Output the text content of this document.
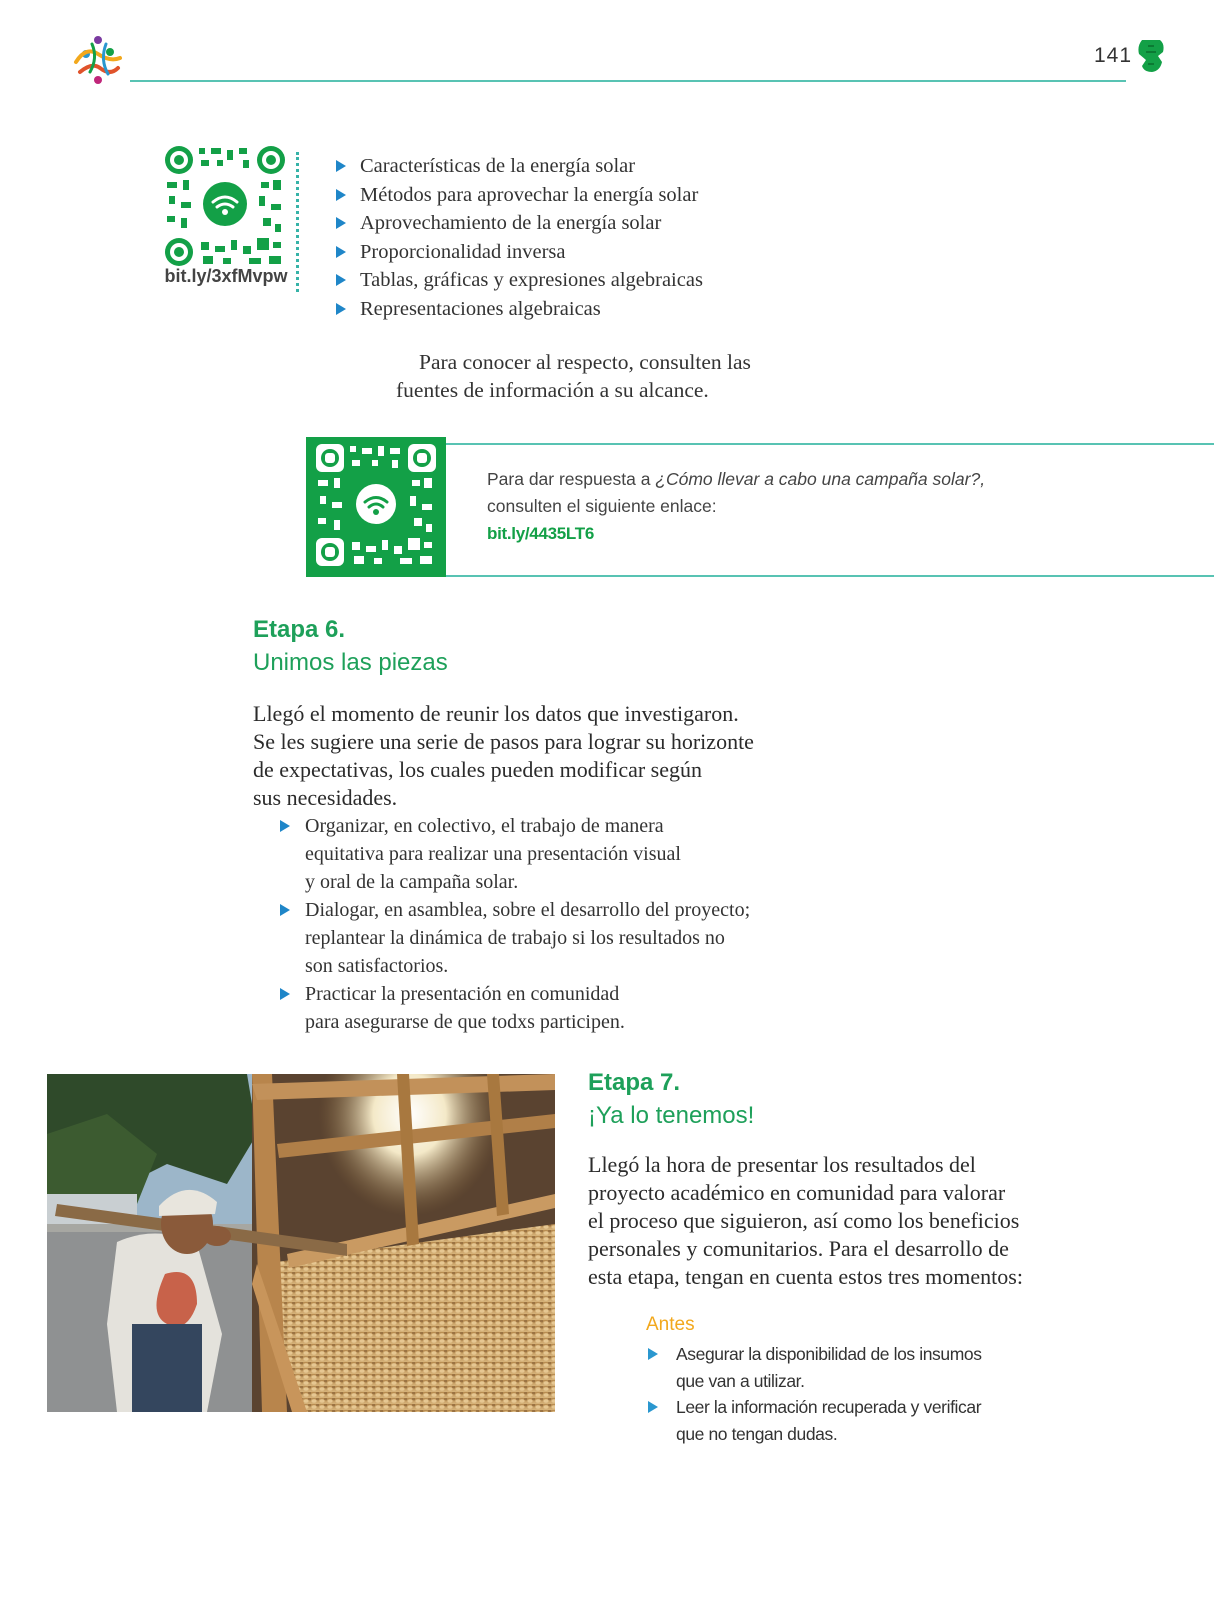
141
bit.ly/3xfMvpw
Características de la energía solar
Métodos para aprovechar la energía solar
Aprovechamiento de la energía solar
Proporcionalidad inversa
Tablas, gráficas y expresiones algebraicas
Representaciones algebraicas

Para conocer al respecto, consulten las

fuentes de información a su alcance.

Para dar respuesta a ¿Cómo llevar a cabo una campaña solar?,
consulten el siguiente enlace:
bit.ly/4435LT6
Etapa 6.
Unimos las piezas
Llegó el momento de reunir los datos que investigaron.
Se les sugiere una serie de pasos para lograr su horizonte
de expectativas, los cuales pueden modificar según
sus necesidades.
Organizar, en colectivo, el trabajo de manera
equitativa para realizar una presentación visual
y oral de la campaña solar.
Dialogar, en asamblea, sobre el desarrollo del proyecto;
replantear la dinámica de trabajo si los resultados no
son satisfactorios.
Practicar la presentación en comunidad
para asegurarse de que todxs participen.
Etapa 7.
¡Ya lo tenemos!
Llegó la hora de presentar los resultados del
proyecto académico en comunidad para valorar
el proceso que siguieron, así como los beneficios
personales y comunitarios. Para el desarrollo de
esta etapa, tengan en cuenta estos tres momentos:
Antes
Asegurar la disponibilidad de los insumos
que van a utilizar.
Leer la información recuperada y verificar
que no tengan dudas.
